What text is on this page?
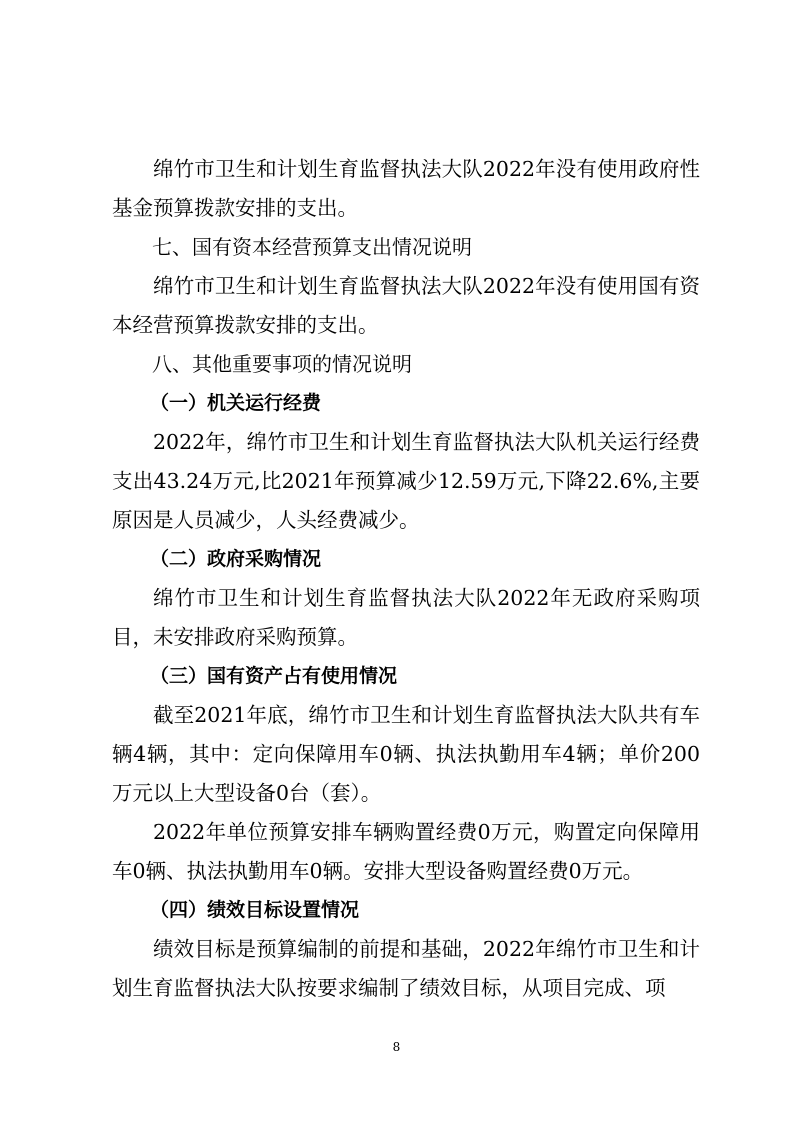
绵竹市卫生和计划生育监督执法大队2022年没有使用政府性基金预算拨款安排的支出。

七、国有资本经营预算支出情况说明

绵竹市卫生和计划生育监督执法大队2022年没有使用国有资本经营预算拨款安排的支出。

八、其他重要事项的情况说明

（一）机关运行经费

2022年，绵竹市卫生和计划生育监督执法大队机关运行经费支出43.24万元,比2021年预算减少12.59万元,下降22.6%,主要原因是人员减少，人头经费减少。

（二）政府采购情况

绵竹市卫生和计划生育监督执法大队2022年无政府采购项目，未安排政府采购预算。

（三）国有资产占有使用情况

截至2021年底，绵竹市卫生和计划生育监督执法大队共有车辆4辆，其中：定向保障用车0辆、执法执勤用车4辆；单价200万元以上大型设备0台（套）。

2022年单位预算安排车辆购置经费0万元，购置定向保障用车0辆、执法执勤用车0辆。安排大型设备购置经费0万元。

（四）绩效目标设置情况

绩效目标是预算编制的前提和基础，2022年绵竹市卫生和计划生育监督执法大队按要求编制了绩效目标，从项目完成、项

8
